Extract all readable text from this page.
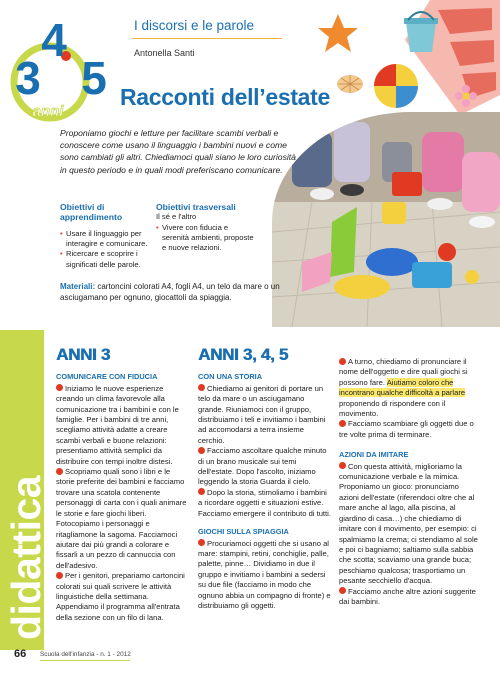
4
3 5
anni
I discorsi e le parole
Antonella Santi
Racconti dell’estate
Proponiamo giochi e letture per facilitare scambi verbali e conoscere come usano il linguaggio i bambini nuovi e come sono cambiati gli altri. Chiediamoci quali siano le loro curiosità in questo periodo e in quali modi preferiscano comunicare.
Obiettivi di apprendimento
• Usare il linguaggio per interagire e comunicare.
• Ricercare e scoprire i significati delle parole.
Obiettivi trasversali
Il sé e l'altro
• Vivere con fiducia e serenità ambienti, proposte e nuove relazioni.
Materiali: cartoncini colorati A4, fogli A4, un telo da mare o un asciugamano per ognuno, giocattoli da spiaggia.
didattica
ANNI 3
COMUNICARE CON FIDUCIA

Iniziamo le nuove esperienze creando un clima favorevole alla comunicazione tra i bambini e con le famiglie. Per i bambini di tre anni, scegliamo attività adatte a creare scambi verbali e buone relazioni: presentiamo attività semplici da distribuire con tempi inoltre distesi.

Scopriamo quali sono i libri e le storie preferite dei bambini e facciamo trovare una scatola contenente personaggi di carta con i quali animare le storie e fare giochi liberi. Fotocopiamo i personaggi e ritagliamone la sagoma. Facciamoci aiutare dai più grandi a colorare e fissarli a un pezzo di cannuccia con dell'adesivo.

Per i genitori, prepariamo cartoncini colorati sui quali scrivere le attività linguistiche della settimana. Appendiamo il programma all'entrata della sezione con un filo di lana.

ANNI 3, 4, 5
CON UNA STORIA

Chiediamo ai genitori di portare un telo da mare o un asciugamano grande. Riuniamoci con il gruppo, distribuiamo i teli e invitiamo i bambini ad accomodarsi a terra insieme cerchio.

Facciamo ascoltare qualche minuto di un brano musicale sui temi dell'estate. Dopo l'ascolto, iniziamo leggendo la storia Guarda il cielo.

Dopo la storia, stimoliamo i bambini a ricordare oggetti e situazioni estive. Facciamo emergere il contributo di tutti.

GIOCHI SULLA SPIAGGIA

Procuriamoci oggetti che si usano al mare: stampini, retini, conchiglie, palle, palette, pinne… Dividiamo in due il gruppo e invitiamo i bambini a sedersi su due file (facciamo in modo che ognuno abbia un compagno di fronte) e distribuiamo gli oggetti.

A turno, chiediamo di pronunciare il nome dell'oggetto e dire quali giochi si possono fare. Aiutiamo coloro che incontrano qualche difficoltà a parlare proponendo di rispondere con il movimento.

Facciamo scambiare gli oggetti due o tre volte prima di terminare.

AZIONI DA IMITARE

Con questa attività, miglioriamo la comunicazione verbale e la mimica. Proponiamo un gioco: pronunciamo azioni dell'estate (riferendoci oltre che al mare anche al lago, alla piscina, al giardino di casa…) che chiediamo di imitare con il movimento, per esempio: ci spalmiamo la crema; ci stendiamo al sole e poi ci bagniamo; saltiamo sulla sabbia che scotta; scaviamo una grande buca; peschiamo qualcosa; trasportiamo un pesante secchiello d'acqua.

Facciamo anche altre azioni suggerite dai bambini.

66 Scuola dell'infanzia - n. 1 - 2012
